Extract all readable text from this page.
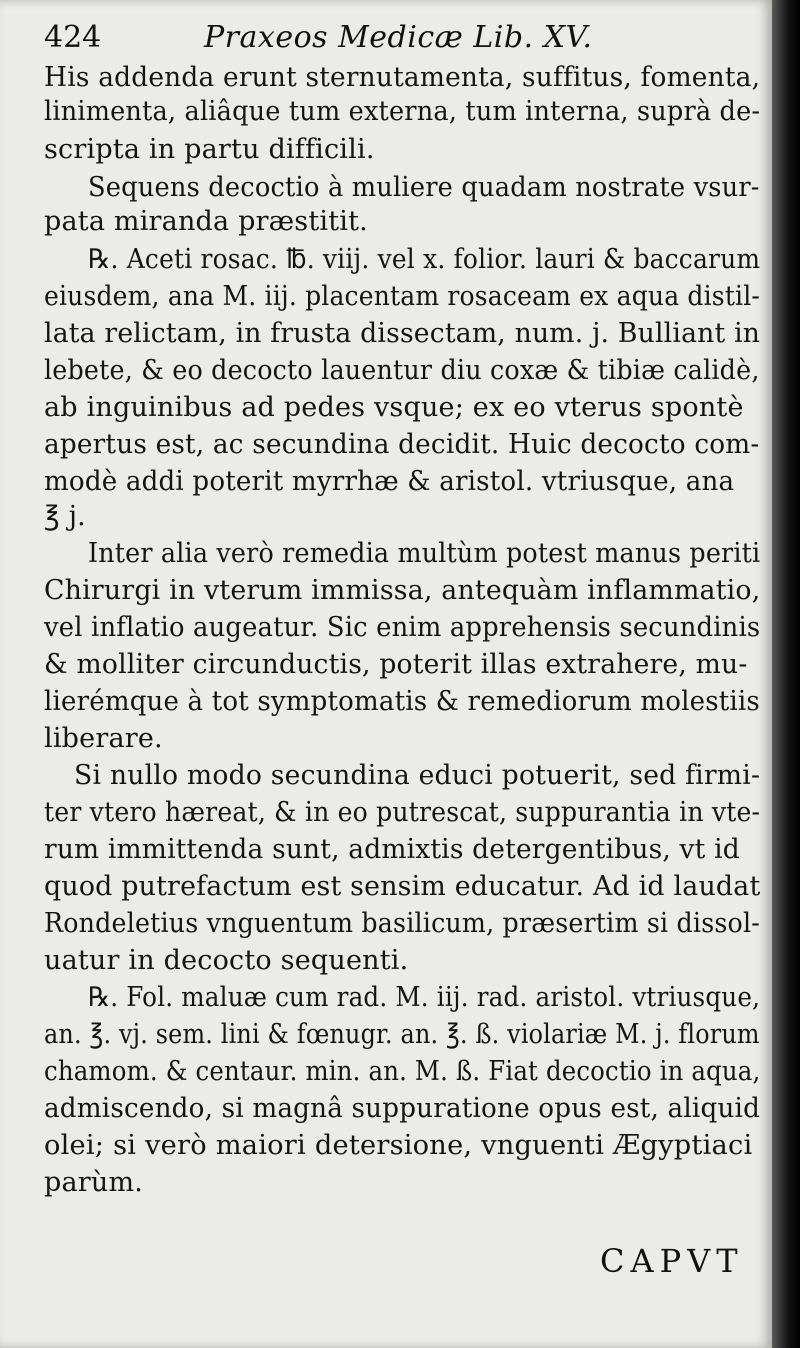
424	Praxeos Medicæ Lib. XV.
His addenda erunt sternutamenta, suffitus, fomenta,
linimenta, aliâque tum externa, tum interna, suprà de-
scripta in partu difficili.
Sequens decoctio à muliere quadam nostrate vsur-
pata miranda præstitit.
℞. Aceti rosac. ℔. viij. vel x. folior. lauri & baccarum
eiusdem, ana M. iij. placentam rosaceam ex aqua distil-
lata relictam, in frusta dissectam, num. j. Bulliant in
lebete, & eo decocto lauentur diu coxæ & tibiæ calidè,
ab inguinibus ad pedes vsque; ex eo vterus spontè
apertus est, ac secundina decidit. Huic decocto com-
modè addi poterit myrrhæ & aristol. vtriusque, ana
℥ j.
Inter alia verò remedia multùm potest manus periti
Chirurgi in vterum immissa, antequàm inflammatio,
vel inflatio augeatur. Sic enim apprehensis secundinis
& molliter circunductis, poterit illas extrahere, mu-
lierémque à tot symptomatis & remediorum molestiis
liberare.
Si nullo modo secundina educi potuerit, sed firmi-
ter vtero hæreat, & in eo putrescat, suppurantia in vte-
rum immittenda sunt, admixtis detergentibus, vt id
quod putrefactum est sensim educatur. Ad id laudat
Rondeletius vnguentum basilicum, præsertim si dissol-
uatur in decocto sequenti.
℞. Fol. maluæ cum rad. M. iij. rad. aristol. vtriusque,
an. ℥. vj. sem. lini & fœnugr. an. ℥. ß. violariæ M. j. florum
chamom. & centaur. min. an. M. ß. Fiat decoctio in aqua,
admiscendo, si magnâ suppuratione opus est, aliquid
olei; si verò maiori detersione, vnguenti Ægyptiaci
parùm.
CAPVT
